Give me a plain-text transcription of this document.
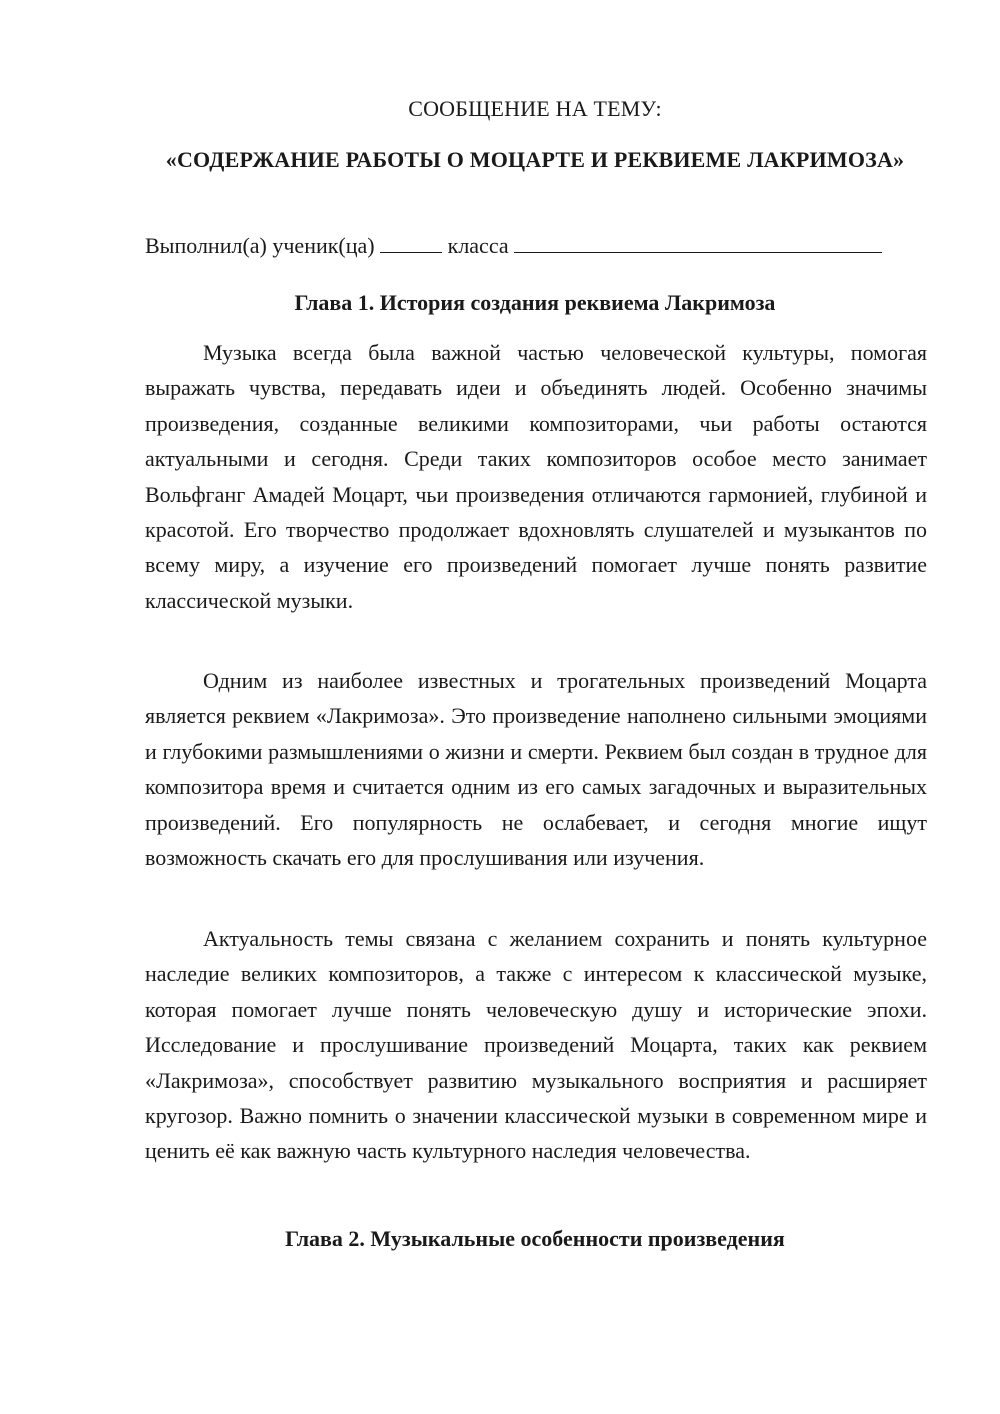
СООБЩЕНИЕ НА ТЕМУ:
«СОДЕРЖАНИЕ РАБОТЫ О МОЦАРТЕ И РЕКВИЕМЕ ЛАКРИМОЗА»
Выполнил(а) ученик(ца)	класса
Глава 1. История создания реквиема Лакримоза

Музыка всегда была важной частью человеческой культуры, помогая выражать чувства, передавать идеи и объединять людей. Особенно значимы произведения, созданные великими композиторами, чьи работы остаются актуальными и сегодня. Среди таких композиторов особое место занимает Вольфганг Амадей Моцарт, чьи произведения отличаются гармонией, глубиной и красотой. Его творчество продолжает вдохновлять слушателей и музыкантов по всему миру, а изучение его произведений помогает лучше понять развитие классической музыки.

Одним из наиболее известных и трогательных произведений Моцарта является реквием «Лакримоза». Это произведение наполнено сильными эмоциями и глубокими размышлениями о жизни и смерти. Реквием был создан в трудное для композитора время и считается одним из его самых загадочных и выразительных произведений. Его популярность не ослабевает, и сегодня многие ищут возможность скачать его для прослушивания или изучения.

Актуальность темы связана с желанием сохранить и понять культурное наследие великих композиторов, а также с интересом к классической музыке, которая помогает лучше понять человеческую душу и исторические эпохи. Исследование и прослушивание произведений Моцарта, таких как реквием «Лакримоза», способствует развитию музыкального восприятия и расширяет кругозор. Важно помнить о значении классической музыки в современном мире и ценить её как важную часть культурного наследия человечества.

Глава 2. Музыкальные особенности произведения
